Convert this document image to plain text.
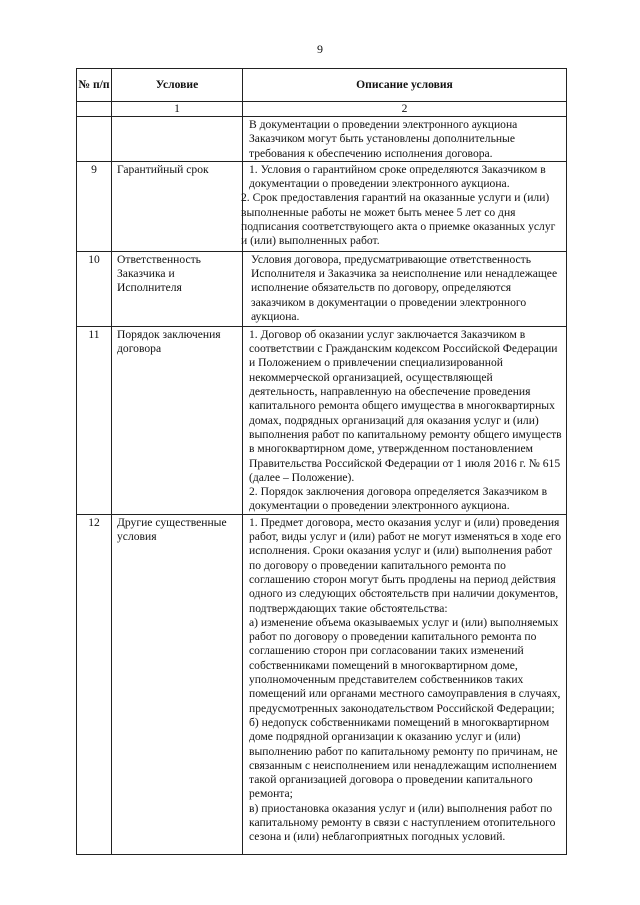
9
№ п/п	Условие	Описание условия
	1	2

		В документации о проведении электронного аукциона Заказчиком могут быть установлены дополнительные требования к обеспечению исполнения договора.

9	Гарантийный срок	1. Условия о гарантийном сроке определяются Заказчиком в документации о проведении электронного аукциона.
2. Срок предоставления гарантий на оказанные услуги и (или) выполненные работы не может быть менее 5 лет со дня подписания соответствующего акта о приемке оказанных услуг и (или) выполненных работ.

10	Ответственность Заказчика и Исполнителя	Условия договора, предусматривающие ответственность Исполнителя и Заказчика за неисполнение или ненадлежащее исполнение обязательств по договору, определяются заказчиком в документации о проведении электронного аукциона.

11	Порядок заключения договора	1. Договор об оказании услуг заключается Заказчиком в соответствии с Гражданским кодексом Российской Федерации и Положением о привлечении специализированной некоммерческой организацией, осуществляющей деятельность, направленную на обеспечение проведения капитального ремонта общего имущества в многоквартирных домах, подрядных организаций для оказания услуг и (или) выполнения работ по капитальному ремонту общего имуществ в многоквартирном доме, утвержденном постановлением Правительства Российской Федерации от 1 июля 2016 г. № 615 (далее – Положение).
2. Порядок заключения договора определяется Заказчиком в документации о проведении электронного аукциона.

12	Другие существенные условия	1. Предмет договора, место оказания услуг и (или) проведения работ, виды услуг и (или) работ не могут изменяться в ходе его исполнения. Сроки оказания услуг и (или) выполнения работ по договору о проведении капитального ремонта по соглашению сторон могут быть продлены на период действия одного из следующих обстоятельств при наличии документов, подтверждающих такие обстоятельства:
а) изменение объема оказываемых услуг и (или) выполняемых работ по договору о проведении капитального ремонта по соглашению сторон при согласовании таких изменений собственниками помещений в многоквартирном доме, уполномоченным представителем собственников таких помещений или органами местного самоуправления в случаях, предусмотренных законодательством Российской Федерации;
б) недопуск собственниками помещений в многоквартирном доме подрядной организации к оказанию услуг и (или) выполнению работ по капитальному ремонту по причинам, не связанным с неисполнением или ненадлежащим исполнением такой организацией договора о проведении капитального ремонта;
в) приостановка оказания услуг и (или) выполнения работ по капитальному ремонту в связи с наступлением отопительного сезона и (или) неблагоприятных погодных условий.
